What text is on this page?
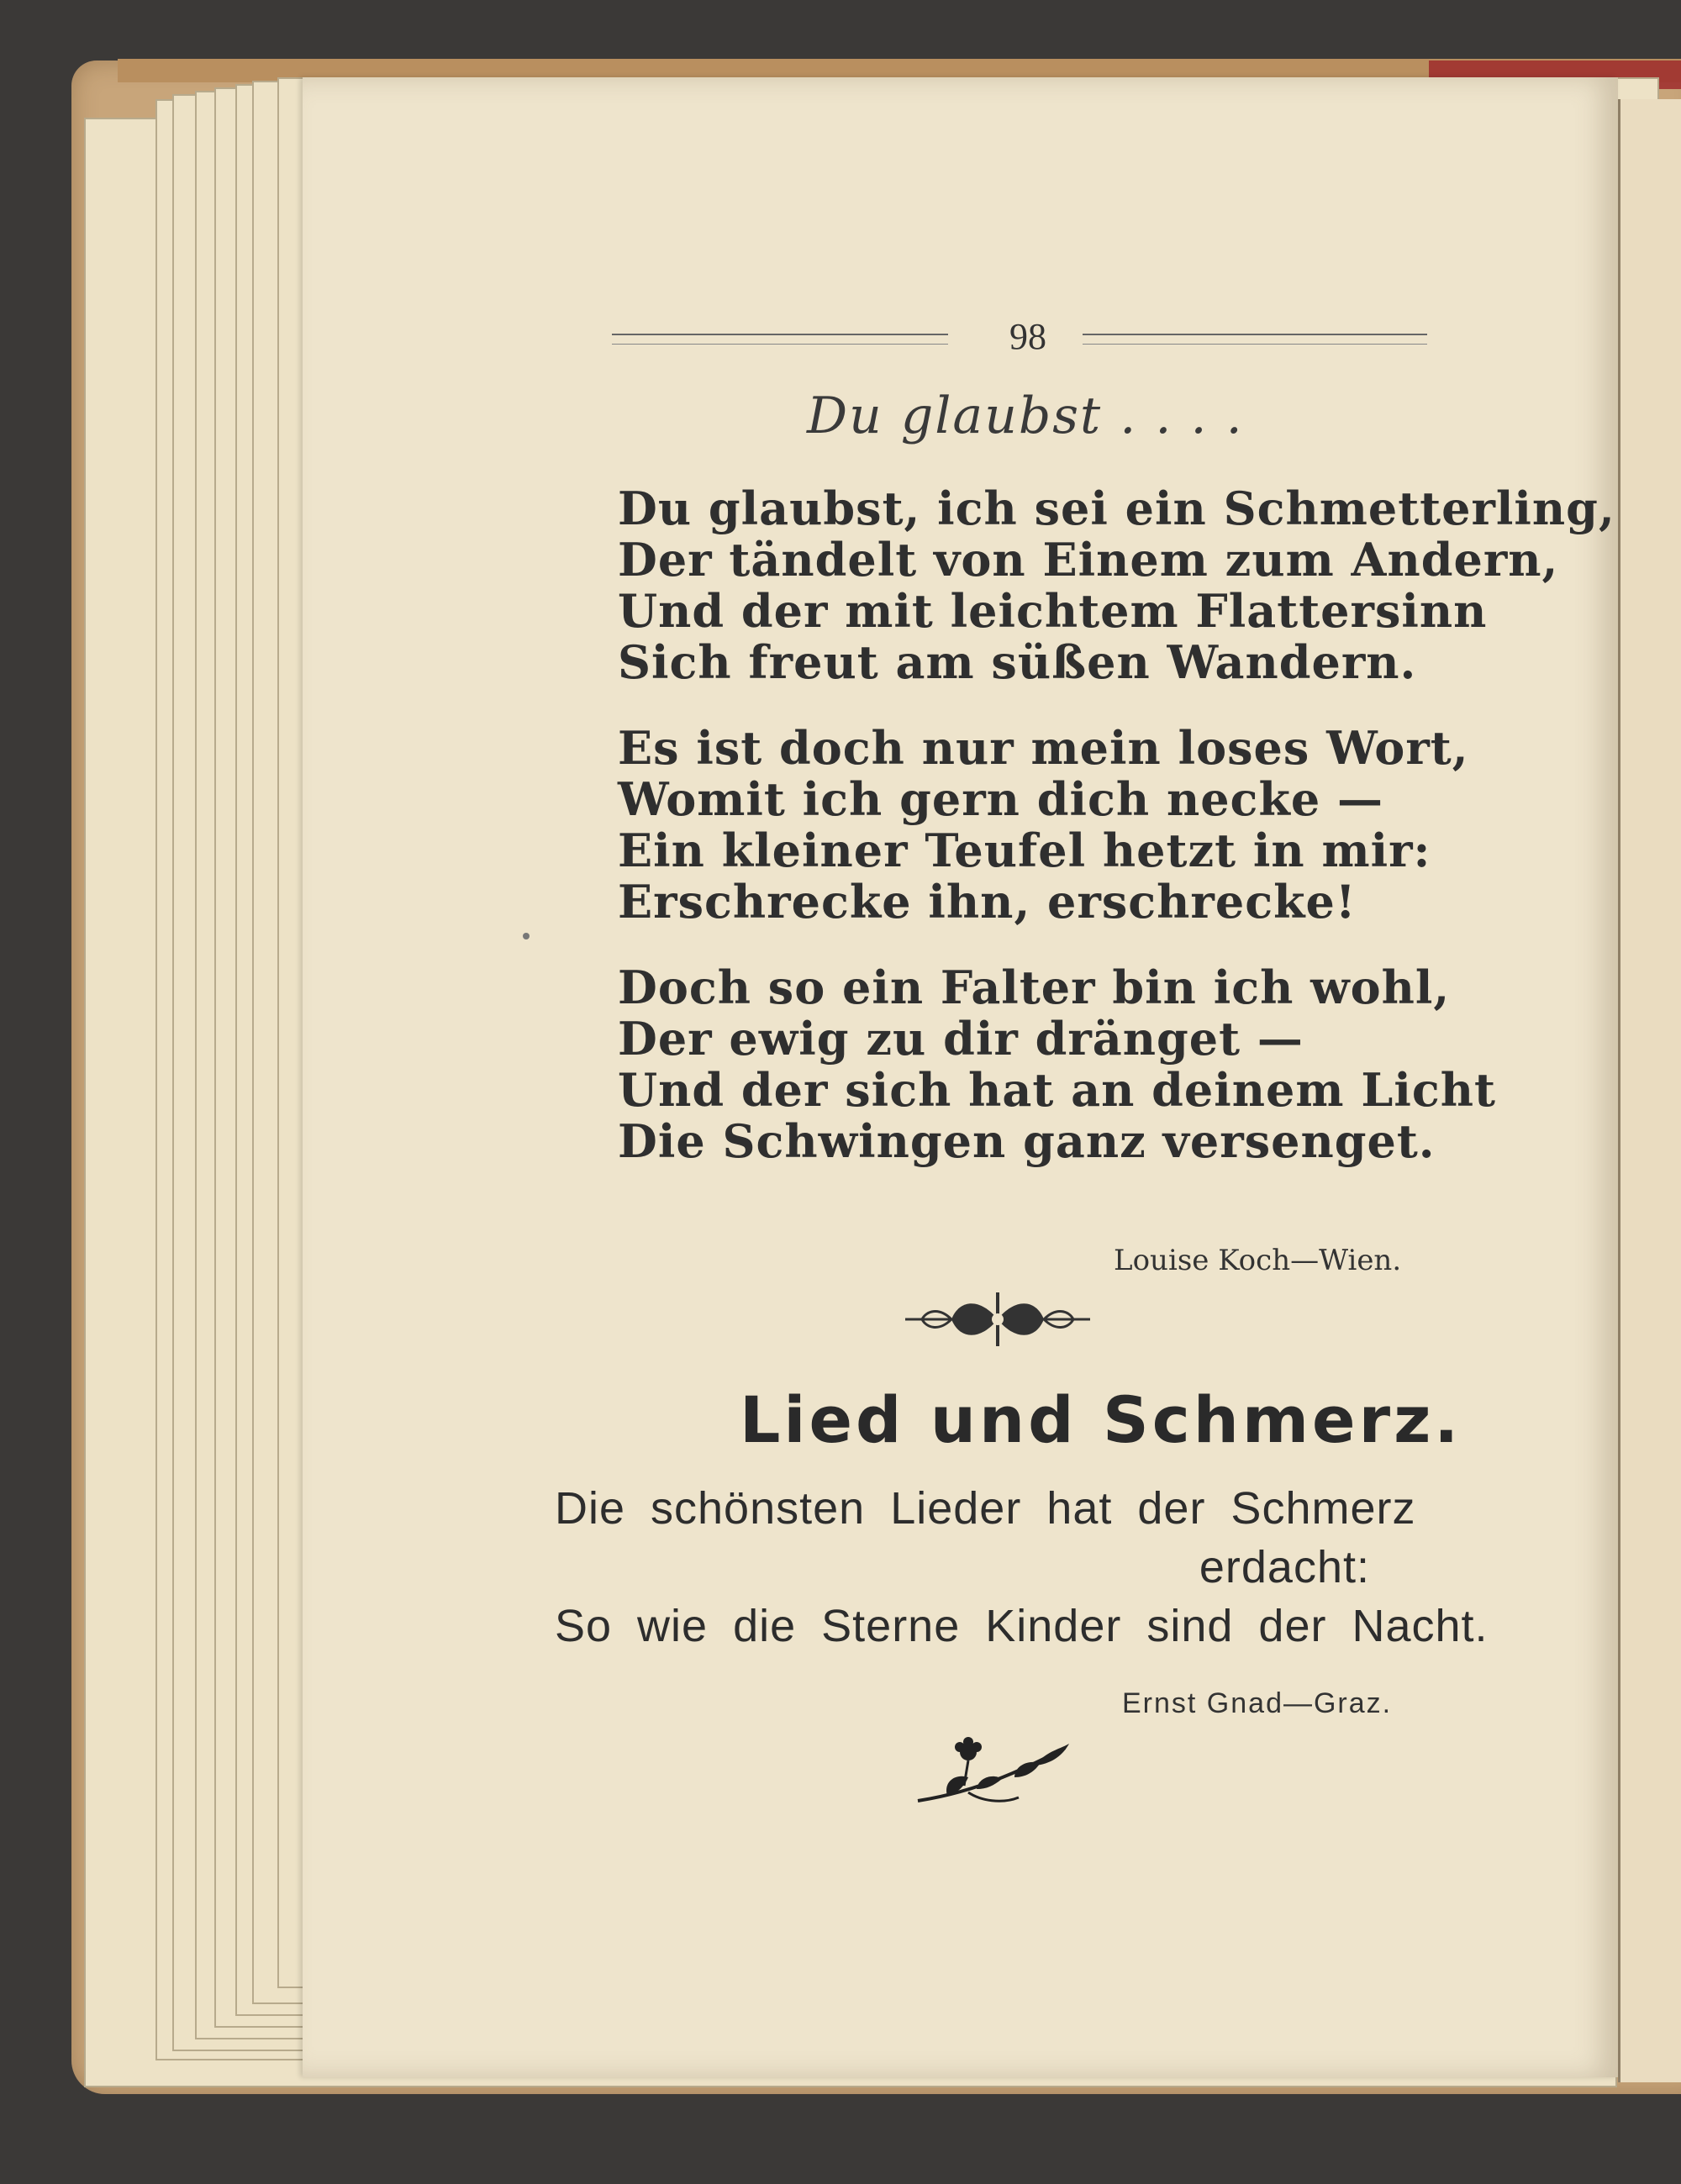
98
Du glaubst . . . .
Du glaubst, ich sei ein Schmetterling,
Der tändelt von Einem zum Andern,
Und der mit leichtem Flattersinn
Sich freut am süßen Wandern.
Es ist doch nur mein loses Wort,
Womit ich gern dich necke —
Ein kleiner Teufel hetzt in mir:
Erschrecke ihn, erschrecke!
Doch so ein Falter bin ich wohl,
Der ewig zu dir dränget —
Und der sich hat an deinem Licht
Die Schwingen ganz versenget.
Louise Koch—Wien.
Lied und Schmerz.
Die schönsten Lieder hat der Schmerz
erdacht:
So wie die Sterne Kinder sind der Nacht.
Ernst Gnad—Graz.
